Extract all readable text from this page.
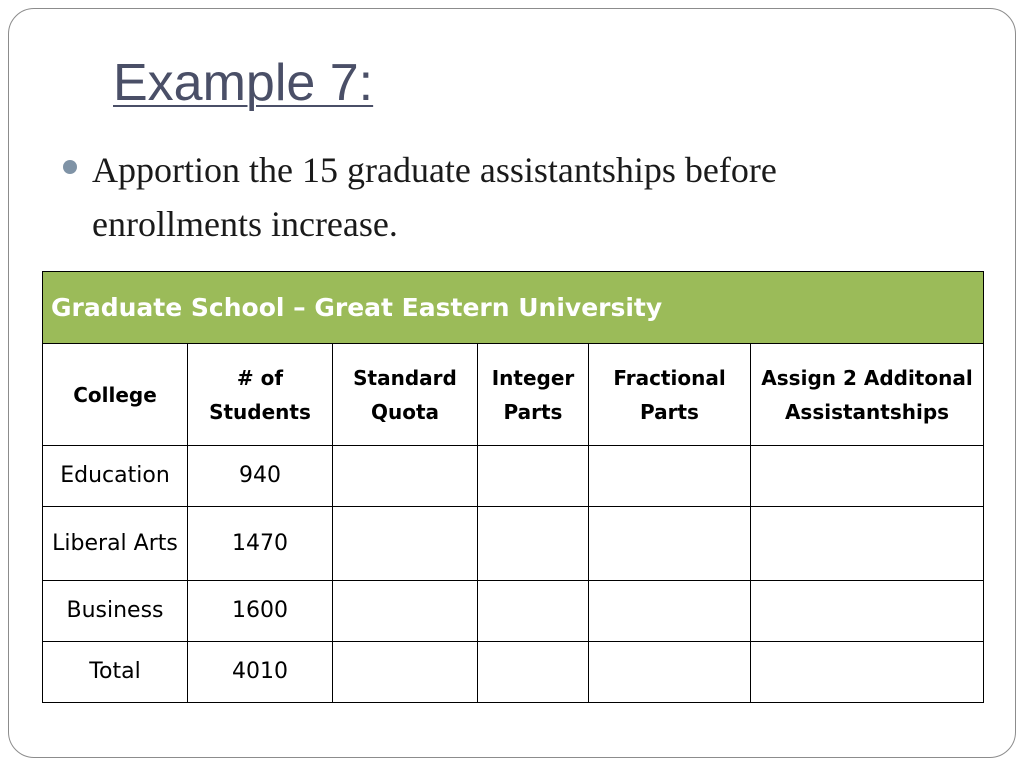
Example 7:
Apportion the 15 graduate assistantships before enrollments increase.
Graduate School – Great Eastern University					
College	# of Students	Standard Quota	Integer Parts	Fractional Parts	Assign 2 Additonal Assistantships
Education	940				
Liberal Arts	1470				
Business	1600				
Total	4010				
